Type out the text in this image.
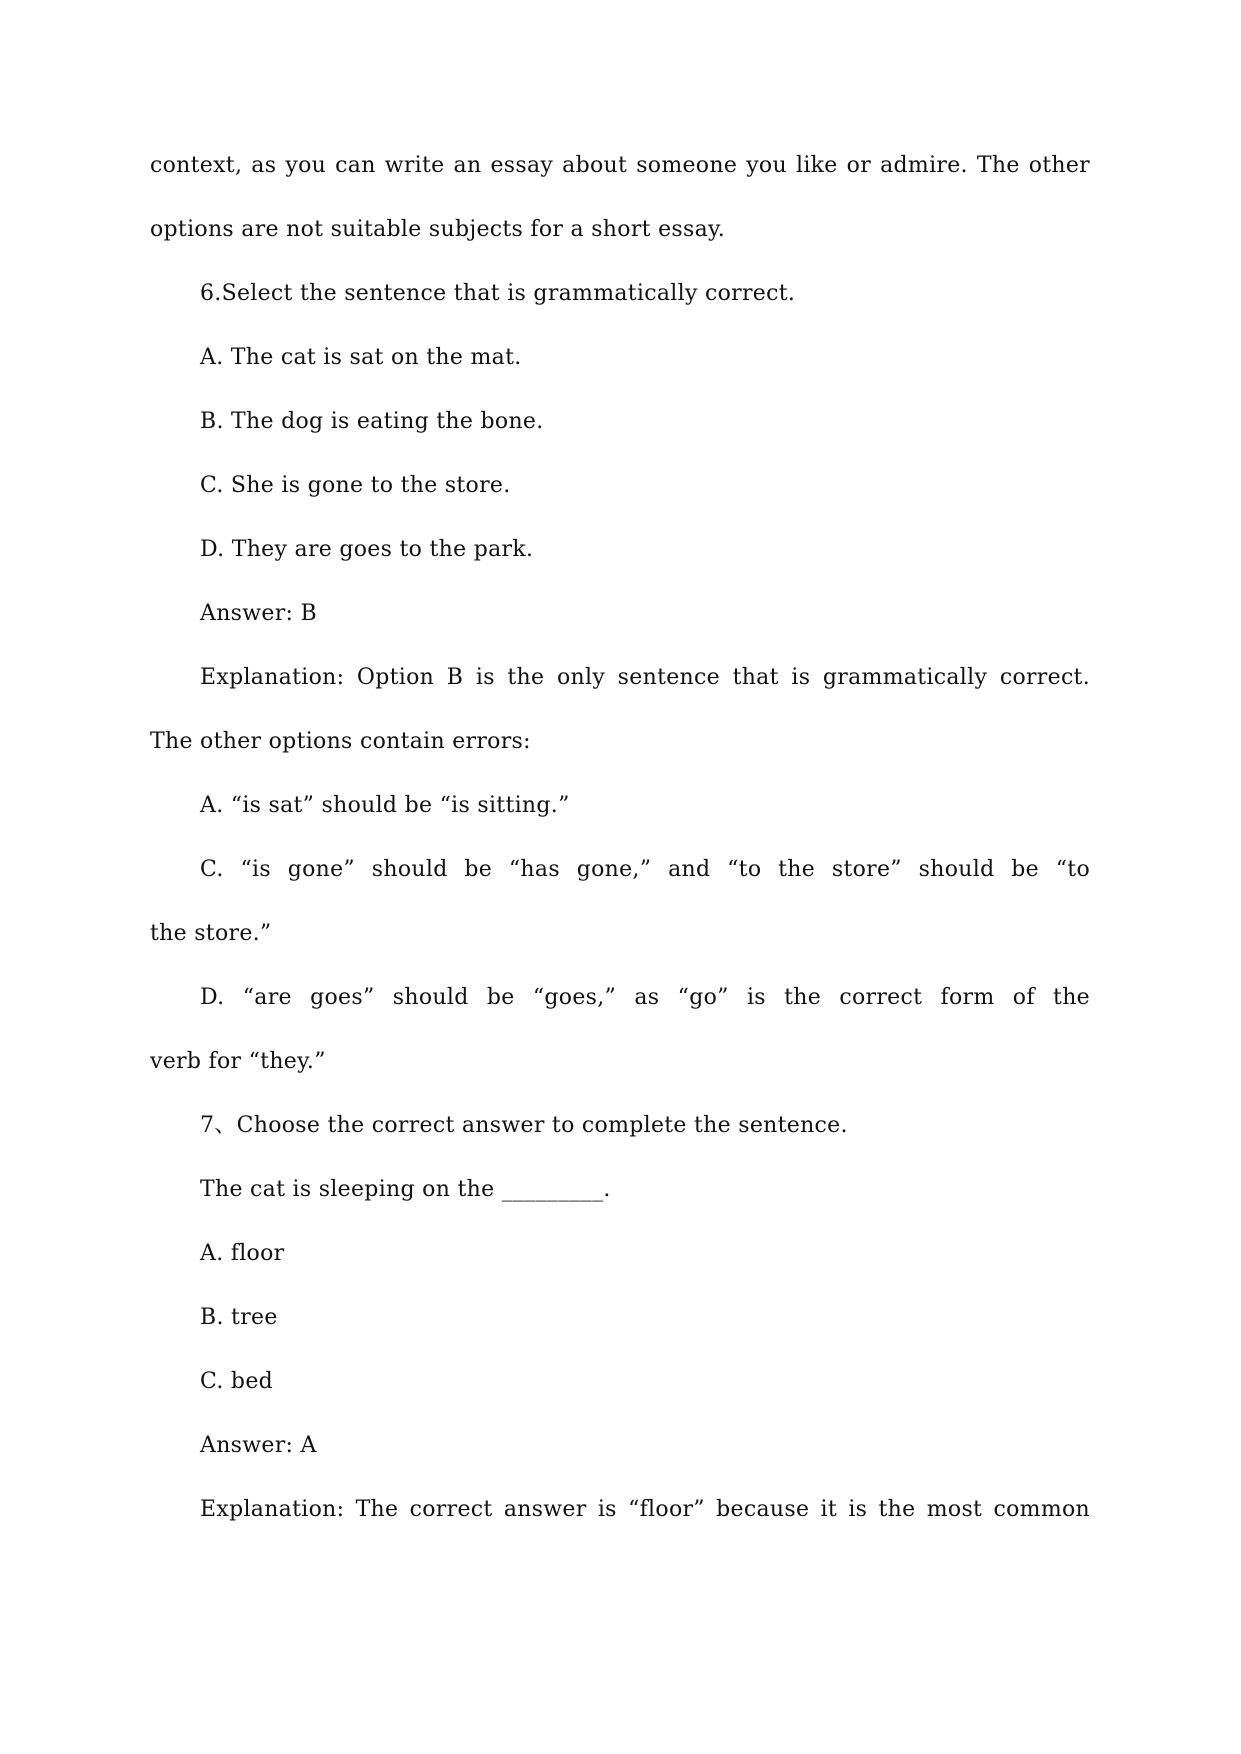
context, as you can write an essay about someone you like or admire. The other
options are not suitable subjects for a short essay.
6.Select the sentence that is grammatically correct.
A. The cat is sat on the mat.
B. The dog is eating the bone.
C. She is gone to the store.
D. They are goes to the park.
Answer: B
Explanation: Option B is the only sentence that is grammatically correct.
The other options contain errors:
A. “is sat” should be “is sitting.”
C. “is gone” should be “has gone,” and “to the store” should be “to
the store.”
D. “are goes” should be “goes,” as “go” is the correct form of the
verb for “they.”
7、Choose the correct answer to complete the sentence.
The cat is sleeping on the _________.
A. floor
B. tree
C. bed
Answer: A
Explanation: The correct answer is “floor” because it is the most common
